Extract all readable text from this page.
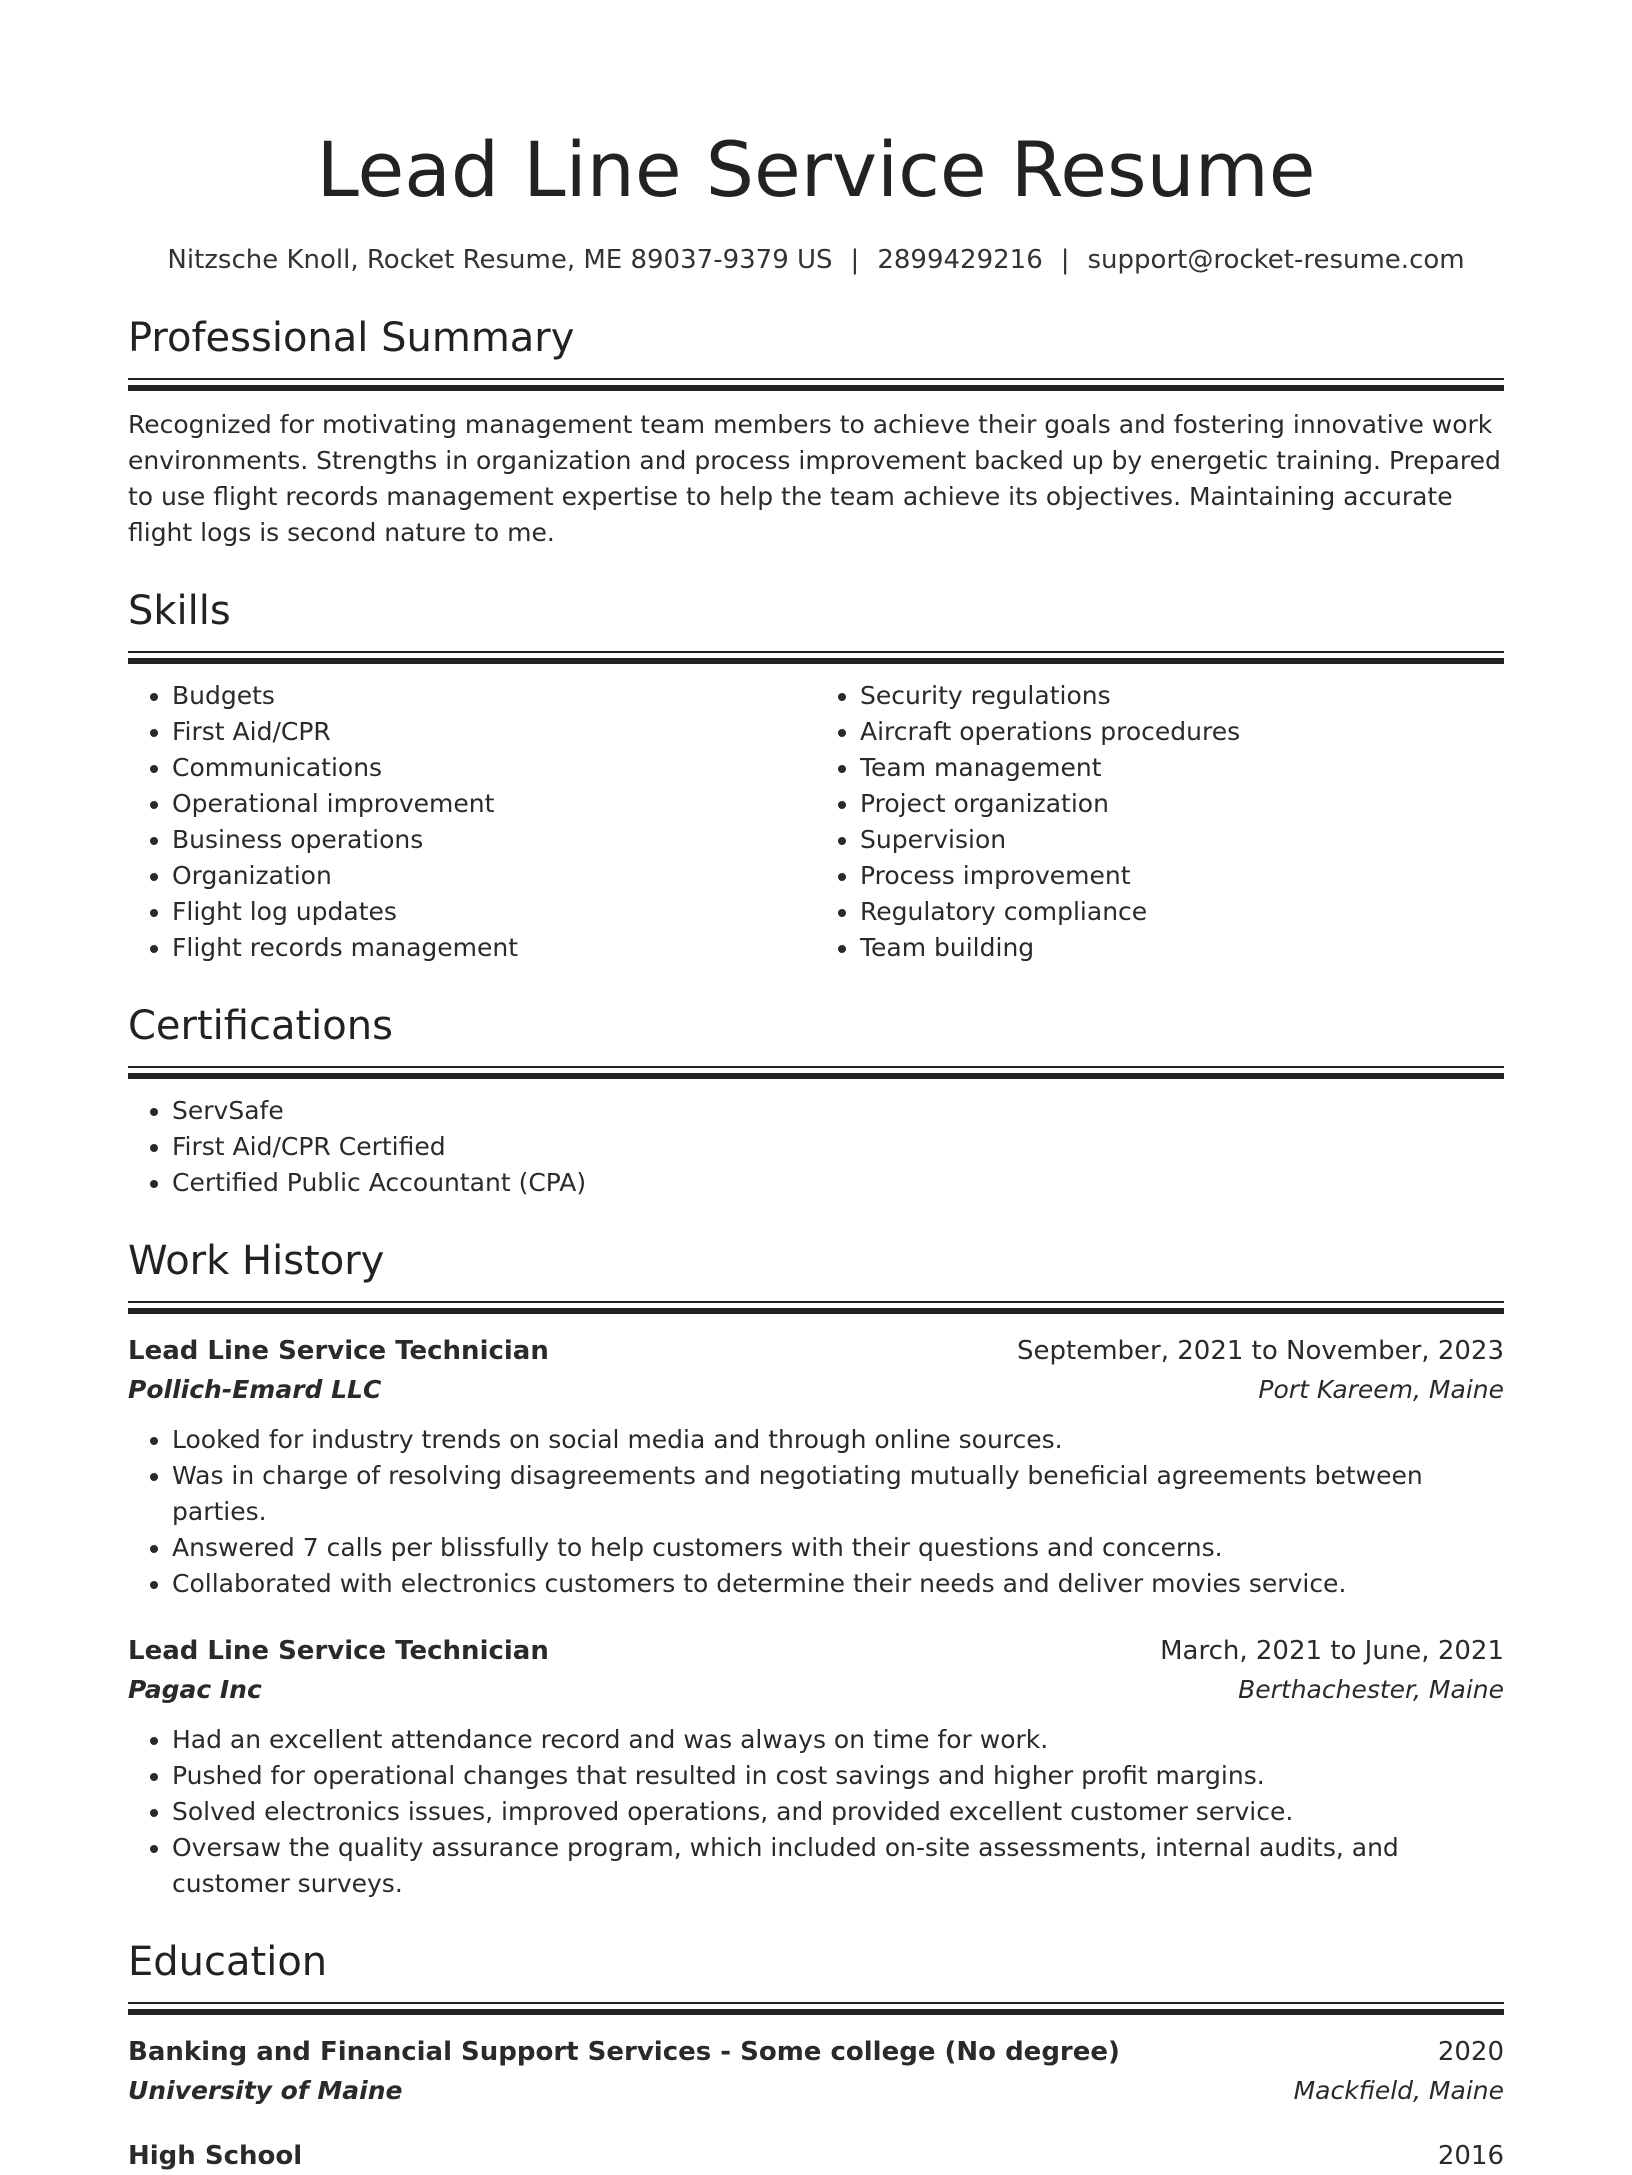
Lead Line Service Resume
Nitzsche Knoll, Rocket Resume, ME 89037-9379 US | 2899429216 | support@rocket-resume.com
Professional Summary

Recognized for motivating management team members to achieve their goals and fostering innovative work environments. Strengths in organization and process improvement backed up by energetic training. Prepared to use flight records management expertise to help the team achieve its objectives. Maintaining accurate flight logs is second nature to me.

Skills
• Budgets
• First Aid/CPR
• Communications
• Operational improvement
• Business operations
• Organization
• Flight log updates
• Flight records management
• Security regulations
• Aircraft operations procedures
• Team management
• Project organization
• Supervision
• Process improvement
• Regulatory compliance
• Team building
Certifications
• ServSafe
• First Aid/CPR Certified
• Certified Public Accountant (CPA)
Work History
Lead Line Service Technician	September, 2021 to November, 2023
Pollich-Emard LLC	Port Kareem, Maine
• Looked for industry trends on social media and through online sources.
• Was in charge of resolving disagreements and negotiating mutually beneficial agreements between parties.
• Answered 7 calls per blissfully to help customers with their questions and concerns.
• Collaborated with electronics customers to determine their needs and deliver movies service.
Lead Line Service Technician	March, 2021 to June, 2021
Pagac Inc	Berthachester, Maine
• Had an excellent attendance record and was always on time for work.
• Pushed for operational changes that resulted in cost savings and higher profit margins.
• Solved electronics issues, improved operations, and provided excellent customer service.
• Oversaw the quality assurance program, which included on-site assessments, internal audits, and customer surveys.
Education
Banking and Financial Support Services - Some college (No degree)	2020
University of Maine	Mackfield, Maine
High School	2016
